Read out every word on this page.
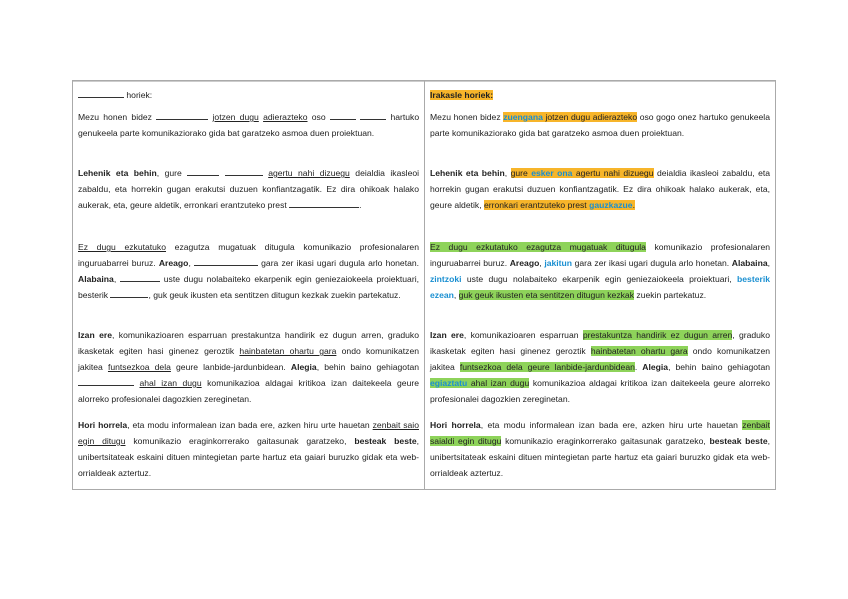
horiek:

Mezu honen bidez	jotzen dugu adierazteko oso	hartuko genukeela parte komunikaziorako gida bat garatzeko asmoa duen proiektuan.

Lehenik eta behin, gure	agertu nahi dizuegu deialdia ikasleoi zabaldu, eta horrekin gugan erakutsi duzuen konfiantzagatik. Ez dira ohikoak halako aukerak, eta, geure aldetik, erronkari erantzuteko prest	.

Ez dugu ezkutatuko ezagutza mugatuak ditugula komunikazio profesionalaren inguruabarrei buruz. Areago,	gara zer ikasi ugari dugula arlo honetan. Alabaina,	uste dugu nolabaiteko ekarpenik egin geniezaiokeela proiektuari, besterik	, guk geuk ikusten eta sentitzen ditugun kezkak zuekin partekatuz.

Izan ere, komunikazioaren esparruan prestakuntza handirik ez dugun arren, graduko ikasketak egiten hasi ginenez geroztik hainbatetan ohartu gara ondo komunikatzen jakitea funtsezkoa dela geure lanbide-jardunbidean. Alegia, behin baino gehiagotan  ahal izan dugu komunikazioa aldagai kritikoa izan daitekeela geure alorreko profesionalei dagozkien zereginetan.

Hori horrela, eta modu informalean izan bada ere, azken hiru urte hauetan zenbait saio egin ditugu komunikazio eraginkorrerako gaitasunak garatzeko, besteak beste, unibertsitateak eskaini dituen mintegietan parte hartuz eta gaiari buruzko gidak eta web-orrialdeak aztertuz.

Irakasle horiek:

Mezu honen bidez zuengana jotzen dugu adierazteko oso gogo onez hartuko genukeela parte komunikaziorako gida bat garatzeko asmoa duen proiektuan.

Lehenik eta behin, gure esker ona agertu nahi dizuegu deialdia ikasleoi zabaldu, eta horrekin gugan erakutsi duzuen konfiantzagatik. Ez dira ohikoak halako aukerak, eta, geure aldetik, erronkari erantzuteko prest gauzkazue.

Ez dugu ezkutatuko ezagutza mugatuak ditugula komunikazio profesionalaren inguruabarrei buruz. Areago, jakitun gara zer ikasi ugari dugula arlo honetan. Alabaina, zintzoki uste dugu nolabaiteko ekarpenik egin geniezaiokeela proiektuari, besterik ezean, guk geuk ikusten eta sentitzen ditugun kezkak zuekin partekatuz.

Izan ere, komunikazioaren esparruan prestakuntza handirik ez dugun arren, graduko ikasketak egiten hasi ginenez geroztik hainbatetan ohartu gara ondo komunikatzen jakitea funtsezkoa dela geure lanbide-jardunbidean. Alegia, behin baino gehiagotan egiaztatu ahal izan dugu komunikazioa aldagai kritikoa izan daitekeela geure alorreko profesionalei dagozkien zereginetan.

Hori horrela, eta modu informalean izan bada ere, azken hiru urte hauetan zenbait saialdi egin ditugu komunikazio eraginkorrerako gaitasunak garatzeko, besteak beste, unibertsitateak eskaini dituen mintegietan parte hartuz eta gaiari buruzko gidak eta web-orrialdeak aztertuz.
